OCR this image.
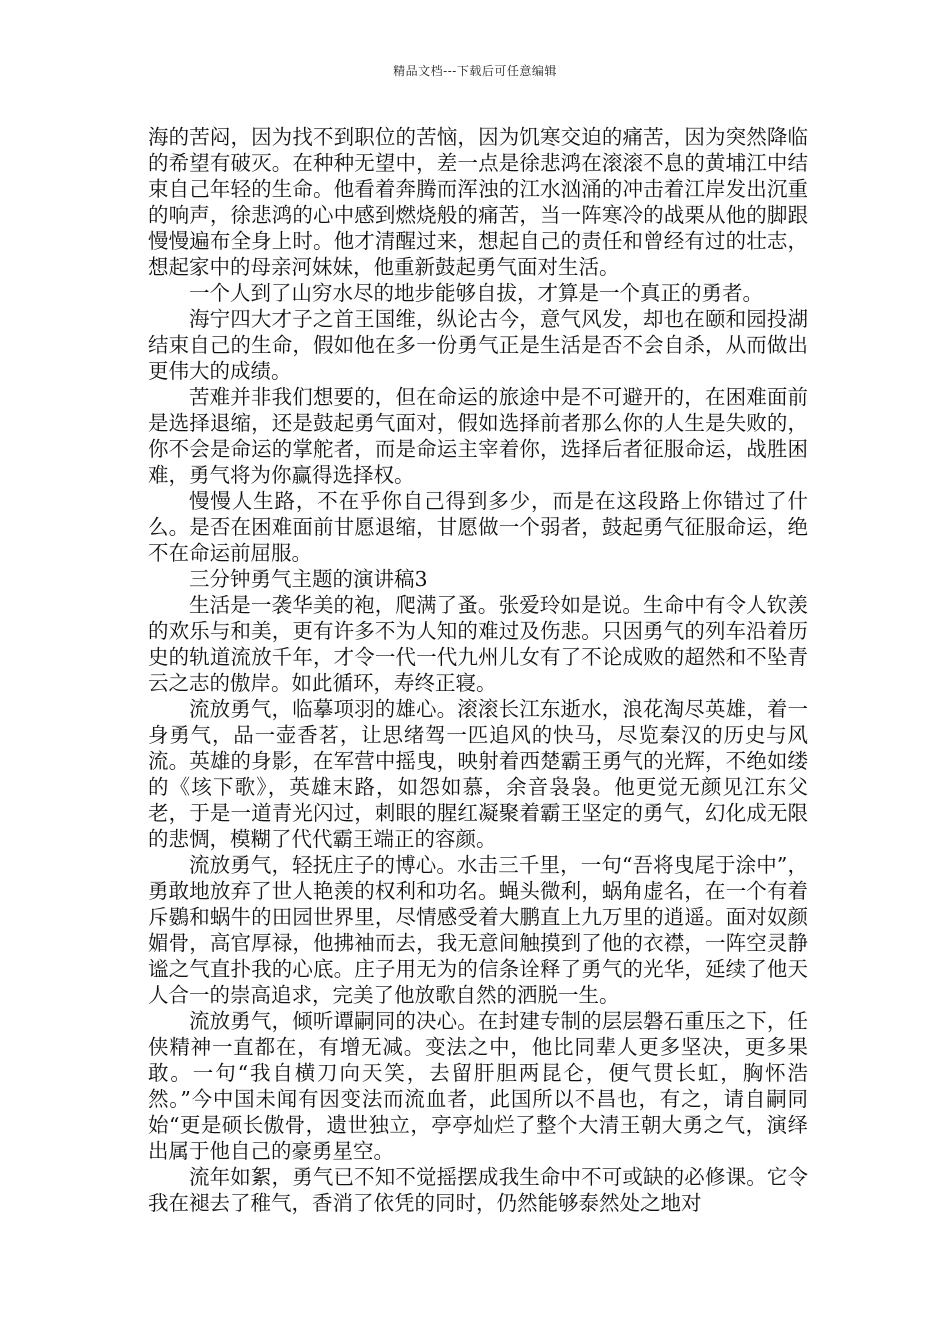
精品文档---下载后可任意编辑

海的苦闷，因为找不到职位的苦恼，因为饥寒交迫的痛苦，因为突然降临的希望有破灭。在种种无望中，差一点是徐悲鸿在滚滚不息的黄埔江中结束自己年轻的生命。他看着奔腾而浑浊的江水汹涌的冲击着江岸发出沉重的响声，徐悲鸿的心中感到燃烧般的痛苦，当一阵寒冷的战栗从他的脚跟慢慢遍布全身上时。他才清醒过来，想起自己的责任和曾经有过的壮志，想起家中的母亲河妹妹，他重新鼓起勇气面对生活。

一个人到了山穷水尽的地步能够自拔，才算是一个真正的勇者。

海宁四大才子之首王国维，纵论古今，意气风发，却也在颐和园投湖结束自己的生命，假如他在多一份勇气正是生活是否不会自杀，从而做出更伟大的成绩。

苦难并非我们想要的，但在命运的旅途中是不可避开的，在困难面前是选择退缩，还是鼓起勇气面对，假如选择前者那么你的人生是失败的，你不会是命运的掌舵者，而是命运主宰着你，选择后者征服命运，战胜困难，勇气将为你赢得选择权。

慢慢人生路，不在乎你自己得到多少，而是在这段路上你错过了什么。是否在困难面前甘愿退缩，甘愿做一个弱者，鼓起勇气征服命运，绝不在命运前屈服。

三分钟勇气主题的演讲稿3

生活是一袭华美的袍，爬满了蚤。张爱玲如是说。生命中有令人钦羡的欢乐与和美，更有许多不为人知的难过及伤悲。只因勇气的列车沿着历史的轨道流放千年，才令一代一代九州儿女有了不论成败的超然和不坠青云之志的傲岸。如此循环，寿终正寝。

流放勇气，临摹项羽的雄心。滚滚长江东逝水，浪花淘尽英雄，着一身勇气，品一壶香茗，让思绪驾一匹追风的快马，尽览秦汉的历史与风流。英雄的身影，在军营中摇曳，映射着西楚霸王勇气的光辉，不绝如缕的《垓下歌》，英雄末路，如怨如慕，余音袅袅。他更觉无颜见江东父老，于是一道青光闪过，刺眼的腥红凝聚着霸王坚定的勇气，幻化成无限的悲惆，模糊了代代霸王端正的容颜。

流放勇气，轻抚庄子的博心。水击三千里，一句“吾将曳尾于涂中”，勇敢地放弃了世人艳羡的权利和功名。蝇头微利，蜗角虚名，在一个有着斥鷃和蜗牛的田园世界里，尽情感受着大鹏直上九万里的逍遥。面对奴颜媚骨，高官厚禄，他拂袖而去，我无意间触摸到了他的衣襟，一阵空灵静谧之气直扑我的心底。庄子用无为的信条诠释了勇气的光华，延续了他天人合一的崇高追求，完美了他放歌自然的洒脱一生。

流放勇气，倾听谭嗣同的决心。在封建专制的层层磐石重压之下，任侠精神一直都在，有增无减。变法之中，他比同辈人更多坚决，更多果敢。一句“我自横刀向天笑，去留肝胆两昆仑，便气贯长虹，胸怀浩然。”今中国未闻有因变法而流血者，此国所以不昌也，有之，请自嗣同始“更是硕长傲骨，遗世独立，亭亭灿烂了整个大清王朝大勇之气，演绎出属于他自己的豪勇星空。

流年如絮，勇气已不知不觉摇摆成我生命中不可或缺的必修课。它令我在褪去了稚气，香消了依凭的同时，仍然能够泰然处之地对
